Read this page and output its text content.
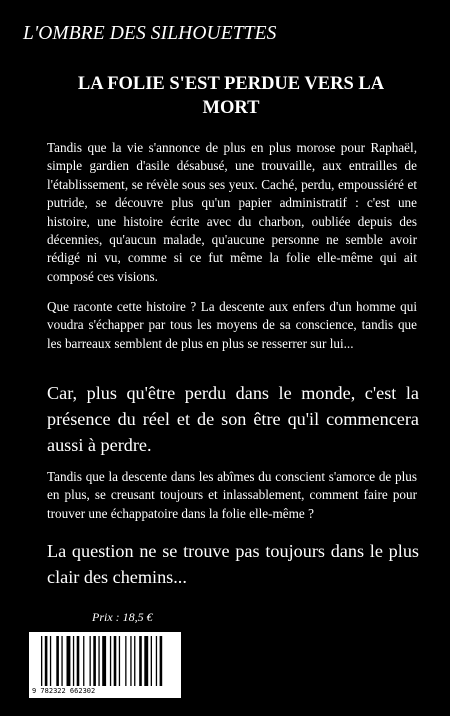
L'OMBRE DES SILHOUETTES
LA FOLIE S'EST PERDUE VERS LA
MORT
Tandis que la vie s'annonce de plus en plus morose pour Raphaël, simple gardien d'asile désabusé, une trouvaille, aux entrailles de l'établissement, se révèle sous ses yeux. Caché, perdu, empoussiéré et putride, se découvre plus qu'un papier administratif : c'est une histoire, une histoire écrite avec du charbon, oubliée depuis des décennies, qu'aucun malade, qu'aucune personne ne semble avoir rédigé ni vu, comme si ce fut même la folie elle-même qui ait composé ces visions.
Que raconte cette histoire ? La descente aux enfers d'un homme qui voudra s'échapper par tous les moyens de sa conscience, tandis que les barreaux semblent de plus en plus se resserrer sur lui...
Car, plus qu'être perdu dans le monde, c'est la présence du réel et de son être qu'il commencera aussi à perdre.
Tandis que la descente dans les abîmes du conscient s'amorce de plus en plus, se creusant toujours et inlassablement, comment faire pour trouver une échappatoire dans la folie elle-même ?
La question ne se trouve pas toujours dans le plus clair des chemins...
Prix : 18,5 €
9 782322 662302
